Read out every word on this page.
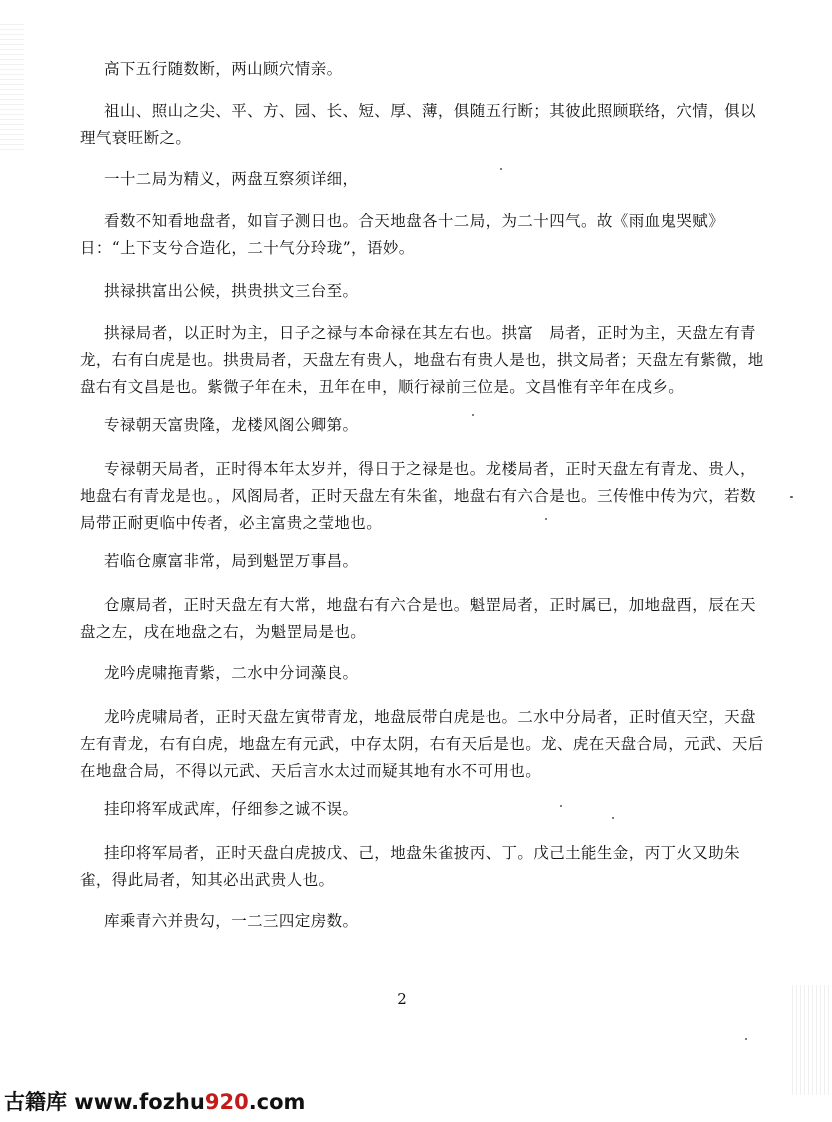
高下五行随数断，两山顾穴情亲。

祖山、照山之尖、平、方、园、长、短、厚、薄，俱随五行断；其彼此照顾联络，穴情，俱以理气衰旺断之。

一十二局为精义，两盘互察须详细，

看数不知看地盘者，如盲子测日也。合天地盘各十二局，为二十四气。故《雨血鬼哭赋》日：“上下支兮合造化，二十气分玲珑”，语妙。

拱禄拱富出公候，拱贵拱文三台至。

拱禄局者，以正时为主，日子之禄与本命禄在其左右也。拱富　局者，正时为主，天盘左有青龙，右有白虎是也。拱贵局者，天盘左有贵人，地盘右有贵人是也，拱文局者；天盘左有紫微，地盘右有文昌是也。紫微子年在未，丑年在申，顺行禄前三位是。文昌惟有辛年在戌乡。

专禄朝天富贵隆，龙楼风阁公卿第。

专禄朝天局者，正时得本年太岁并，得日于之禄是也。龙楼局者，正时天盘左有青龙、贵人，地盘右有青龙是也。，风阁局者，正时天盘左有朱雀，地盘右有六合是也。三传惟中传为穴，若数局带正耐更临中传者，必主富贵之莹地也。

若临仓廪富非常，局到魁罡万事昌。

仓廪局者，正时天盘左有大常，地盘右有六合是也。魁罡局者，正时属已，加地盘酉，辰在天盘之左，戌在地盘之右，为魁罡局是也。

龙吟虎啸拖青紫，二水中分词藻良。

龙吟虎啸局者，正时天盘左寅带青龙，地盘辰带白虎是也。二水中分局者，正时值天空，天盘左有青龙，右有白虎，地盘左有元武，中存太阴，右有天后是也。龙、虎在天盘合局，元武、天后在地盘合局，不得以元武、天后言水太过而疑其地有水不可用也。

挂印将军成武库，仔细参之诚不误。

挂印将军局者，正时天盘白虎披戊、己，地盘朱雀披丙、丁。戊己土能生金，丙丁火又助朱雀，得此局者，知其必出武贵人也。

库乘青六并贵勾，一二三四定房数。

2
古籍库 www.fozhu920.com
